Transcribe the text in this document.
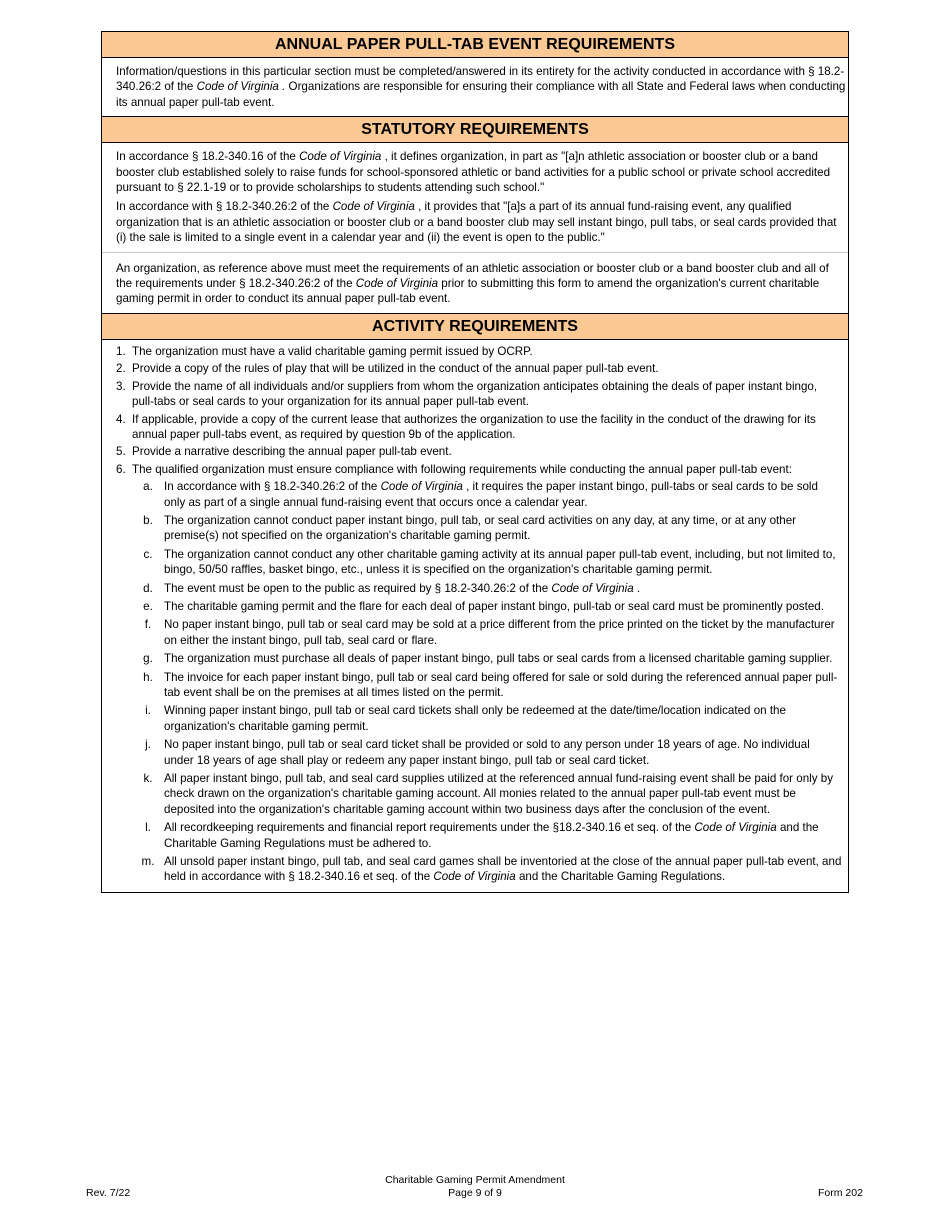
ANNUAL PAPER PULL-TAB EVENT REQUIREMENTS

Information/questions in this particular section must be completed/answered in its entirety for the activity conducted in accordance with § 18.2-340.26:2 of the Code of Virginia . Organizations are responsible for ensuring their compliance with all State and Federal laws when conducting its annual paper pull-tab event.

STATUTORY REQUIREMENTS

In accordance § 18.2-340.16 of the Code of Virginia , it defines organization, in part as "[a]n athletic association or booster club or a band booster club established solely to raise funds for school-sponsored athletic or band activities for a public school or private school accredited pursuant to § 22.1-19 or to provide scholarships to students attending such school."

In accordance with § 18.2-340.26:2 of the Code of Virginia , it provides that "[a]s a part of its annual fund-raising event, any qualified organization that is an athletic association or booster club or a band booster club may sell instant bingo, pull tabs, or seal cards provided that (i) the sale is limited to a single event in a calendar year and (ii) the event is open to the public."

An organization, as reference above must meet the requirements of an athletic association or booster club or a band booster club and all of the requirements under § 18.2-340.26:2 of the Code of Virginia prior to submitting this form to amend the organization's current charitable gaming permit in order to conduct its annual paper pull-tab event.

ACTIVITY REQUIREMENTS
1. The organization must have a valid charitable gaming permit issued by OCRP.
2. Provide a copy of the rules of play that will be utilized in the conduct of the annual paper pull-tab event.
3. Provide the name of all individuals and/or suppliers from whom the organization anticipates obtaining the deals of paper instant bingo, pull-tabs or seal cards to your organization for its annual paper pull-tab event.
4. If applicable, provide a copy of the current lease that authorizes the organization to use the facility in the conduct of the drawing for its annual paper pull-tabs event, as required by question 9b of the application.
5. Provide a narrative describing the annual paper pull-tab event.
6. The qualified organization must ensure compliance with following requirements while conducting the annual paper pull-tab event:
a. In accordance with § 18.2-340.26:2 of the Code of Virginia , it requires the paper instant bingo, pull-tabs or seal cards to be sold only as part of a single annual fund-raising event that occurs once a calendar year.
b. The organization cannot conduct paper instant bingo, pull tab, or seal card activities on any day, at any time, or at any other premise(s) not specified on the organization's charitable gaming permit.
c. The organization cannot conduct any other charitable gaming activity at its annual paper pull-tab event, including, but not limited to, bingo, 50/50 raffles, basket bingo, etc., unless it is specified on the organization's charitable gaming permit.
d. The event must be open to the public as required by § 18.2-340.26:2 of the Code of Virginia .
e. The charitable gaming permit and the flare for each deal of paper instant bingo, pull-tab or seal card must be prominently posted.
f.	No paper instant bingo, pull tab or seal card may be sold at a price different from the price printed on the ticket by the manufacturer on either the instant bingo, pull tab, seal card or flare.
g. The organization must purchase all deals of paper instant bingo, pull tabs or seal cards from a licensed charitable gaming supplier.
h. The invoice for each paper instant bingo, pull tab or seal card being offered for sale or sold during the referenced annual paper pull-tab event shall be on the premises at all times listed on the permit.
i.	Winning paper instant bingo, pull tab or seal card tickets shall only be redeemed at the date/time/location indicated on the organization's charitable gaming permit.
j.	No paper instant bingo, pull tab or seal card ticket shall be provided or sold to any person under 18 years of age. No individual under 18 years of age shall play or redeem any paper instant bingo, pull tab or seal card ticket.
k. All paper instant bingo, pull tab, and seal card supplies utilized at the referenced annual fund-raising event shall be paid for only by check drawn on the organization's charitable gaming account. All monies related to the annual paper pull-tab event must be deposited into the organization's charitable gaming account within two business days after the conclusion of the event.
l.	All recordkeeping requirements and financial report requirements under the §18.2-340.16 et seq. of the Code of Virginia and the Charitable Gaming Regulations must be adhered to.
m. All unsold paper instant bingo, pull tab, and seal card games shall be inventoried at the close of the annual paper pull-tab event, and held in accordance with § 18.2-340.16 et seq. of the Code of Virginia and the Charitable Gaming Regulations.
Rev. 7/22
Charitable Gaming Permit Amendment
Page 9 of 9	Form 202
